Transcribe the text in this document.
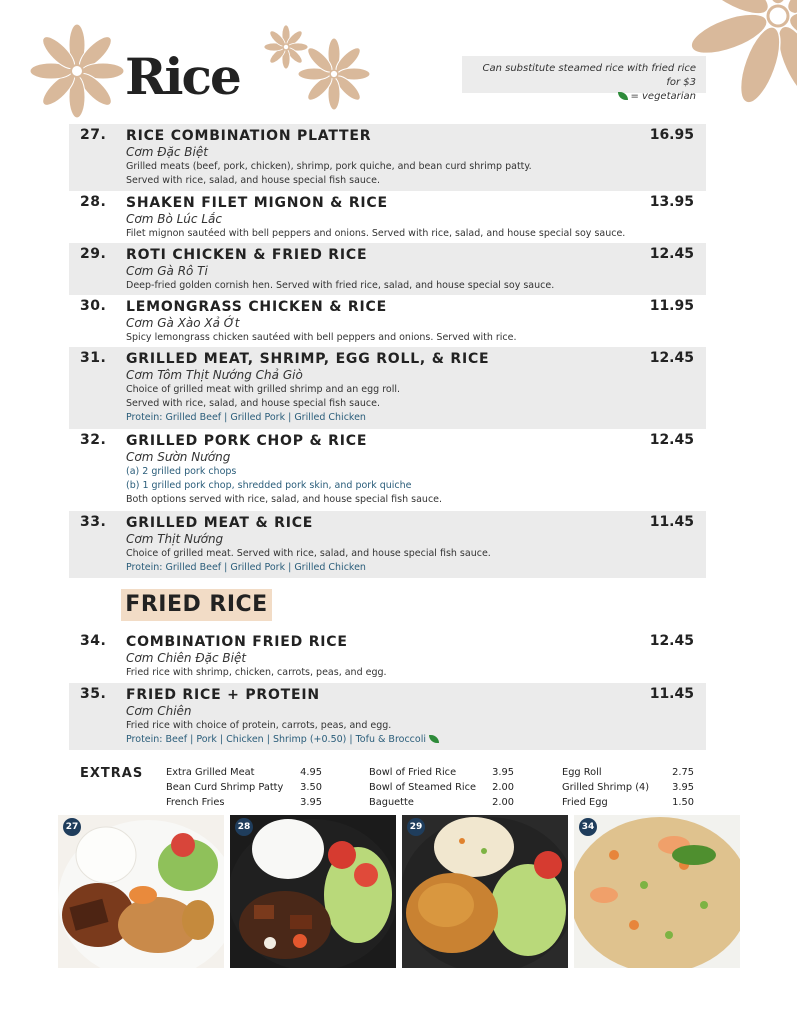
Rice	Can substitute steamed rice with fried rice for $3
= vegetarian
27.	16.95
RICE COMBINATION PLATTER
Cơm Đặc Biệt
Grilled meats (beef, pork, chicken), shrimp, pork quiche, and bean curd shrimp patty.
Served with rice, salad, and house special fish sauce.
28.	13.95
SHAKEN FILET MIGNON & RICE
Cơm Bò Lúc Lắc
Filet mignon sautéed with bell peppers and onions. Served with rice, salad, and house special soy sauce.
29.	12.45
ROTI CHICKEN & FRIED RICE
Cơm Gà Rô Ti
Deep-fried golden cornish hen. Served with fried rice, salad, and house special soy sauce.
30.	11.95
LEMONGRASS CHICKEN & RICE
Cơm Gà Xào Xả Ớt
Spicy lemongrass chicken sautéed with bell peppers and onions. Served with rice.
31.	12.45
GRILLED MEAT, SHRIMP, EGG ROLL, & RICE
Cơm Tôm Thịt Nướng Chả Giò
Choice of grilled meat with grilled shrimp and an egg roll.
Served with rice, salad, and house special fish sauce.
Protein: Grilled Beef | Grilled Pork | Grilled Chicken
32.	12.45
GRILLED PORK CHOP & RICE
Cơm Sườn Nướng
(a) 2 grilled pork chops
(b) 1 grilled pork chop, shredded pork skin, and pork quiche
Both options served with rice, salad, and house special fish sauce.
33.	11.45
GRILLED MEAT & RICE
Cơm Thịt Nướng
Choice of grilled meat. Served with rice, salad, and house special fish sauce.
Protein: Grilled Beef | Grilled Pork | Grilled Chicken
FRIED RICE
34.	12.45
COMBINATION FRIED RICE
Cơm Chiên Đặc Biệt
Fried rice with shrimp, chicken, carrots, peas, and egg.
35.	11.45
FRIED RICE + PROTEIN
Cơm Chiên
Fried rice with choice of protein, carrots, peas, and egg.
Protein: Beef | Pork | Chicken | Shrimp (+0.50) | Tofu & Broccoli
EXTRAS Extra Grilled Meat	4.95
Bean Curd Shrimp Patty 3.50
French Fries	3.95
Bowl of Fried Rice	3.95
Bowl of Steamed Rice 2.00
Baguette	2.00
Egg Roll	2.75
Grilled Shrimp (4) 3.95
Fried Egg	1.50
27	28	29	34
